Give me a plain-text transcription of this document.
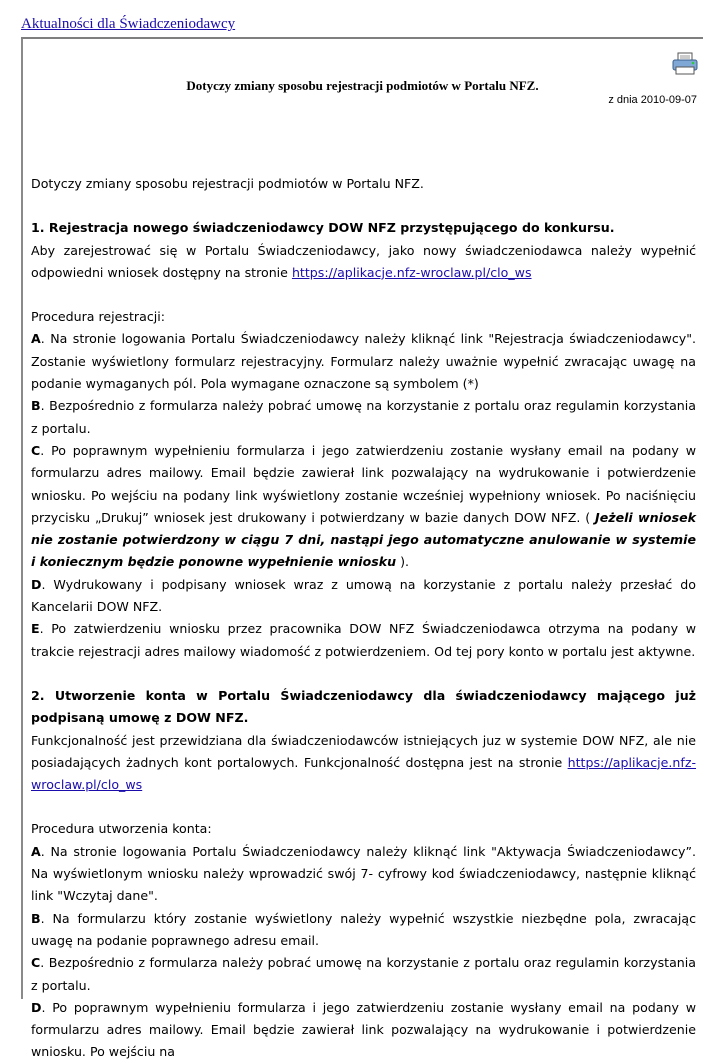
Aktualności dla Świadczeniodawcy
Dotyczy zmiany sposobu rejestracji podmiotów w Portalu NFZ.
z dnia 2010-09-07

Dotyczy zmiany sposobu rejestracji podmiotów w Portalu NFZ.

1. Rejestracja nowego świadczeniodawcy DOW NFZ przystępującego do konkursu.

Aby zarejestrować się w Portalu Świadczeniodawcy, jako nowy świadczeniodawca należy wypełnić odpowiedni wniosek dostępny na stronie https://aplikacje.nfz-wroclaw.pl/clo_ws

Procedura rejestracji:

A. Na stronie logowania Portalu Świadczeniodawcy należy kliknąć link "Rejestracja świadczeniodawcy". Zostanie wyświetlony formularz rejestracyjny. Formularz należy uważnie wypełnić zwracając uwagę na podanie wymaganych pól. Pola wymagane oznaczone są symbolem (*)

B. Bezpośrednio z formularza należy pobrać umowę na korzystanie z portalu oraz regulamin korzystania z portalu.

C. Po poprawnym wypełnieniu formularza i jego zatwierdzeniu zostanie wysłany email na podany w formularzu adres mailowy. Email będzie zawierał link pozwalający na wydrukowanie i potwierdzenie wniosku. Po wejściu na podany link wyświetlony zostanie wcześniej wypełniony wniosek. Po naciśnięciu przycisku „Drukuj” wniosek jest drukowany i potwierdzany w bazie danych DOW NFZ. ( Jeżeli wniosek nie zostanie potwierdzony w ciągu 7 dni, nastąpi jego automatyczne anulowanie w systemie i koniecznym będzie ponowne wypełnienie wniosku ).

D. Wydrukowany i podpisany wniosek wraz z umową na korzystanie z portalu należy przesłać do Kancelarii DOW NFZ.

E. Po zatwierdzeniu wniosku przez pracownika DOW NFZ Świadczeniodawca otrzyma na podany w trakcie rejestracji adres mailowy wiadomość z potwierdzeniem. Od tej pory konto w portalu jest aktywne.

2. Utworzenie konta w Portalu Świadczeniodawcy dla świadczeniodawcy mającego już podpisaną umowę z DOW NFZ.

Funkcjonalność jest przewidziana dla świadczeniodawców istniejących juz w systemie DOW NFZ, ale nie posiadających żadnych kont portalowych. Funkcjonalność dostępna jest na stronie https://aplikacje.nfz-wroclaw.pl/clo_ws

Procedura utworzenia konta:

A. Na stronie logowania Portalu Świadczeniodawcy należy kliknąć link "Aktywacja Świadczeniodawcy”. Na wyświetlonym wniosku należy wprowadzić swój 7- cyfrowy kod świadczeniodawcy, następnie kliknąć link "Wczytaj dane".

B. Na formularzu który zostanie wyświetlony należy wypełnić wszystkie niezbędne pola, zwracając uwagę na podanie poprawnego adresu email.

C. Bezpośrednio z formularza należy pobrać umowę na korzystanie z portalu oraz regulamin korzystania z portalu.

D. Po poprawnym wypełnieniu formularza i jego zatwierdzeniu zostanie wysłany email na podany w formularzu adres mailowy. Email będzie zawierał link pozwalający na wydrukowanie i potwierdzenie wniosku. Po wejściu na
